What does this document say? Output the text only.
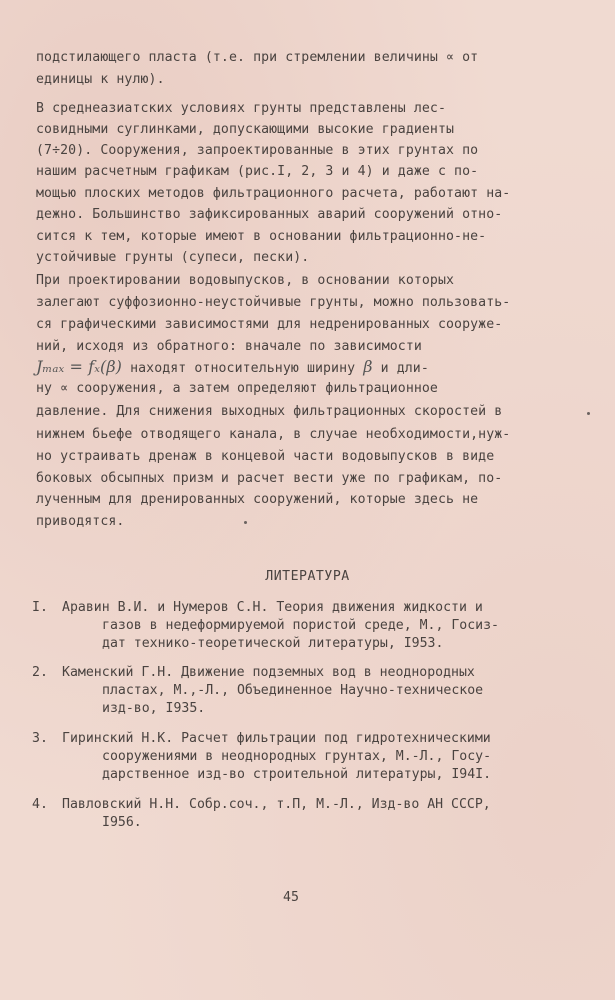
подстилающего пласта (т.е. при стремлении величины ∝ от
единицы к нулю).
В среднеазиатских условиях грунты представлены лес-
совидными суглинками, допускающими высокие градиенты
(7÷20). Сооружения, запроектированные в этих грунтах по
нашим расчетным графикам (рис.I, 2, 3 и 4) и даже с по-
мощью плоских методов фильтрационного расчета, работают на-
дежно. Большинство зафиксированных аварий сооружений отно-
сится к тем, которые имеют в основании фильтрационно-не-
устойчивые грунты (супеси, пески).
При проектировании водовыпусков, в основании которых
залегают суффозионно-неустойчивые грунты, можно пользовать-
ся графическими зависимостями для недренированных сооруже-
ний, исходя из обратного: вначале по зависимости
Jₘₐₓ = fₓ(β) находят относительную ширину β и дли-
ну ∝ сооружения, а затем определяют фильтрационное
давление. Для снижения выходных фильтрационных скоростей в
нижнем бьефе отводящего канала, в случае необходимости,нуж-
но устраивать дренаж в концевой части водовыпусков в виде
боковых обсыпных призм и расчет вести уже по графикам, по-
лученным для дренированных сооружений, которые здесь не
приводятся.
ЛИТЕРАТУРА
I.	Аравин В.И. и Нумеров С.Н. Теория движения жидкости и
газов в недеформируемой пористой среде, М., Госиз-
дат технико-теоретической литературы, I953.
2.	Каменский Г.Н. Движение подземных вод в неоднородных
пластах, М.,-Л., Объединенное Научно-техническое
изд-во, I935.
3.	Гиринский Н.К. Расчет фильтрации под гидротехническими
сооружениями в неоднородных грунтах, М.-Л., Госу-
дарственное изд-во строительной литературы, I94I.
4.	Павловский Н.Н. Собр.соч., т.П, М.-Л., Изд-во АН СССР,
I956.
45
